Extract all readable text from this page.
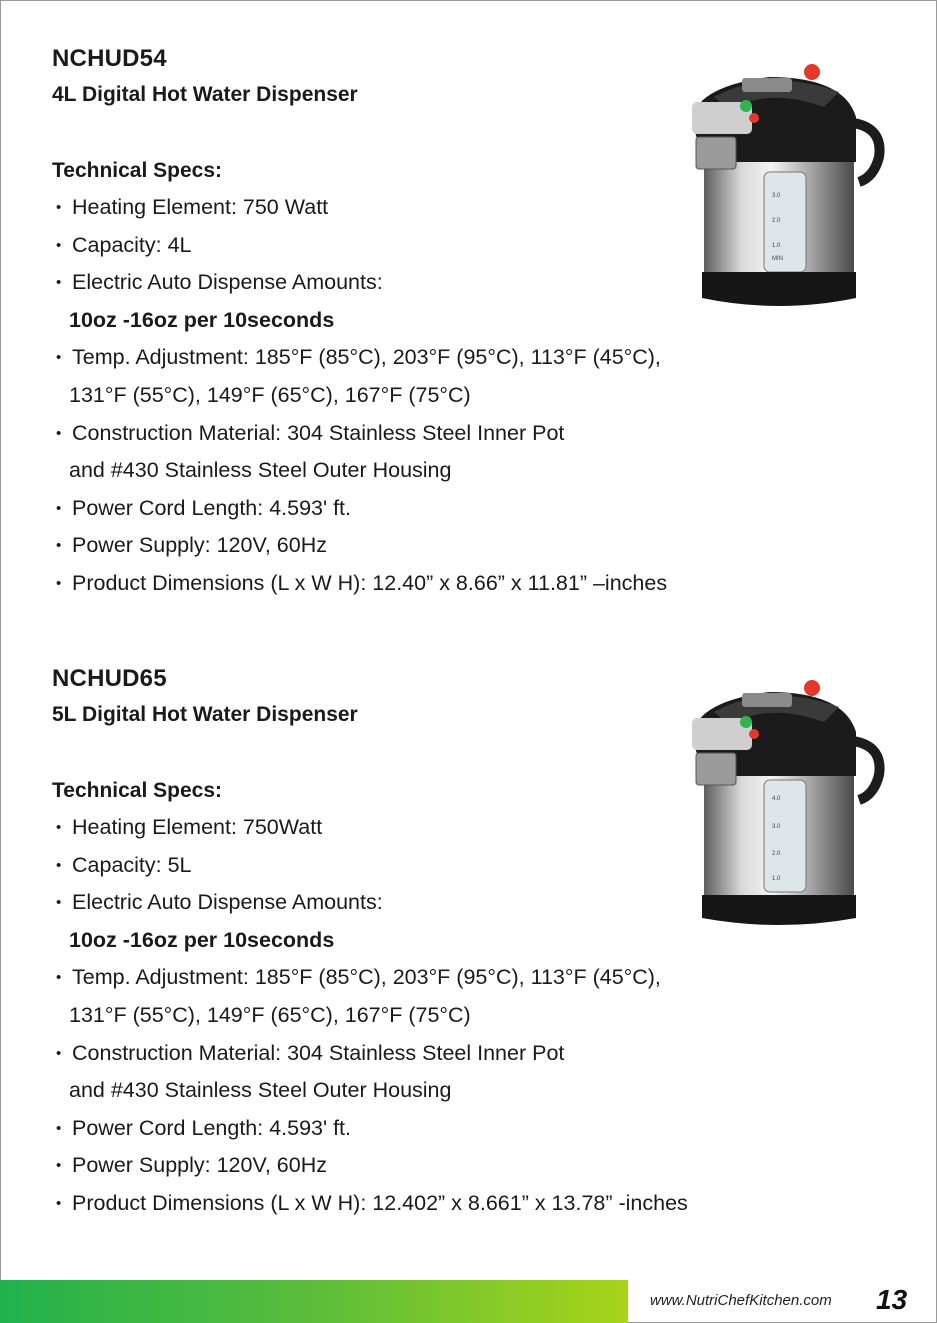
NCHUD54
4L Digital Hot Water Dispenser
Technical Specs:
• Heating Element: 750 Watt
• Capacity: 4L
• Electric Auto Dispense Amounts:
10oz -16oz per 10seconds
• Temp. Adjustment: 185°F (85°C), 203°F (95°C), 113°F (45°C),
131°F (55°C), 149°F (65°C), 167°F (75°C)
• Construction Material: 304 Stainless Steel Inner Pot
and #430 Stainless Steel Outer Housing
• Power Cord Length: 4.593' ft.
• Power Supply: 120V, 60Hz
• Product Dimensions (L x W H): 12.40” x 8.66” x 11.81” –inches
NCHUD65
5L Digital Hot Water Dispenser
Technical Specs:
• Heating Element: 750Watt
• Capacity: 5L
• Electric Auto Dispense Amounts:
10oz -16oz per 10seconds
• Temp. Adjustment: 185°F (85°C), 203°F (95°C), 113°F (45°C),
131°F (55°C), 149°F (65°C), 167°F (75°C)
• Construction Material: 304 Stainless Steel Inner Pot
and #430 Stainless Steel Outer Housing
• Power Cord Length: 4.593' ft.
• Power Supply: 120V, 60Hz
• Product Dimensions (L x W H): 12.402” x 8.661” x 13.78” -inches
3.0
2.0
1.0
MIN
4.0
3.0
2.0
1.0
www.NutriChefKitchen.com 13
